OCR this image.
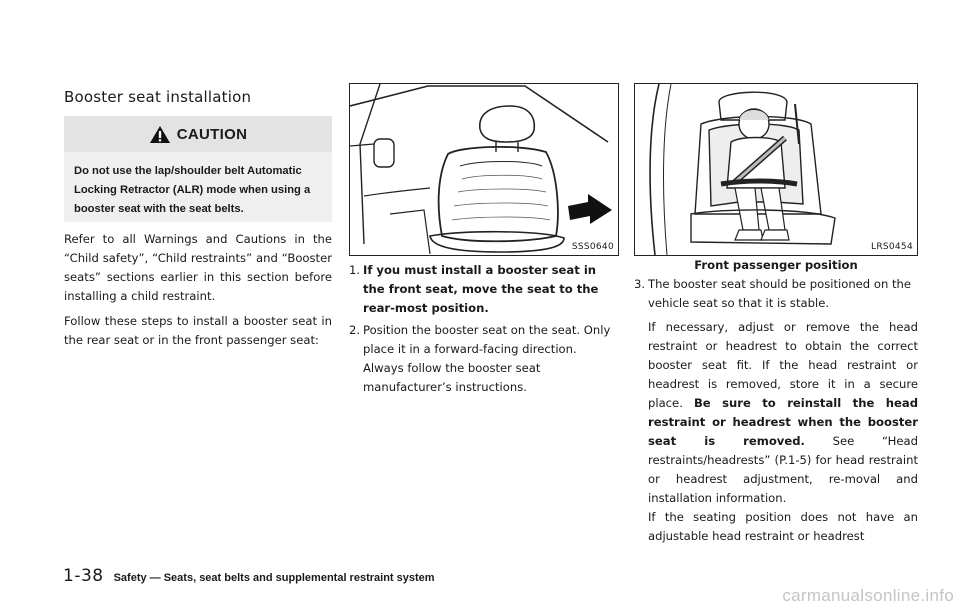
Booster seat installation
CAUTION

Do not use the lap/shoulder belt Automatic Locking Retractor (ALR) mode when using a booster seat with the seat belts.

Refer to all Warnings and Cautions in the “Child safety”, “Child restraints” and “Booster seats” sections earlier in this section before installing a child restraint.

Follow these steps to install a booster seat in the rear seat or in the front passenger seat:

SSS0640
1. If you must install a booster seat in the front seat, move the seat to the rear-most position.
2. Position the booster seat on the seat. Only place it in a forward-facing direction. Always follow the booster seat manufacturer’s instructions.
LRS0454

Front passenger position

3. The booster seat should be positioned on the vehicle seat so that it is stable.

If necessary, adjust or remove the head restraint or headrest to obtain the correct booster seat fit. If the head restraint or headrest is removed, store it in a secure place. Be sure to reinstall the head restraint or headrest when the booster seat is removed. See “Head restraints/headrests” (P.1-5) for head restraint or headrest adjustment, re-moval and installation information.

If the seating position does not have an adjustable head restraint or headrest

1-38 Safety — Seats, seat belts and supplemental restraint system
carmanualsonline.info
